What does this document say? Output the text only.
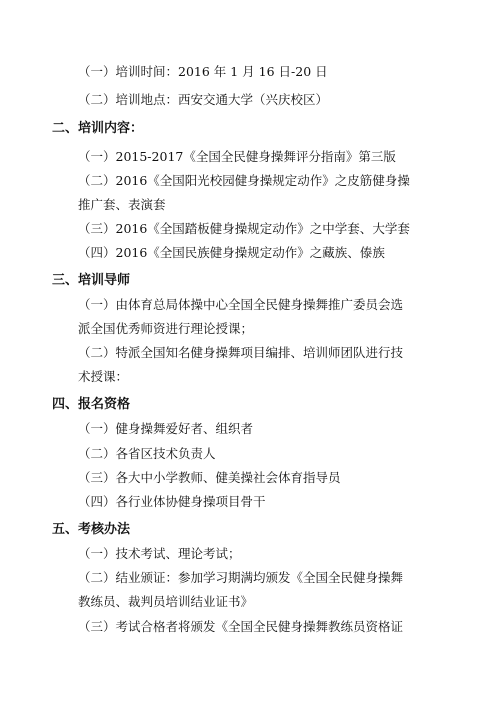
（一）培训时间：2016 年 1 月 16 日-20 日
（二）培训地点：西安交通大学（兴庆校区）
二、培训内容：
（一）2015-2017《全国全民健身操舞评分指南》第三版
（二）2016《全国阳光校园健身操规定动作》之皮筋健身操
推广套、表演套
（三）2016《全国踏板健身操规定动作》之中学套、大学套
（四）2016《全国民族健身操规定动作》之藏族、傣族
三、培训导师
（一）由体育总局体操中心全国全民健身操舞推广委员会选
派全国优秀师资进行理论授课；
（二）特派全国知名健身操舞项目编排、培训师团队进行技
术授课：
四、报名资格
（一）健身操舞爱好者、组织者
（二）各省区技术负责人
（三）各大中小学教师、健美操社会体育指导员
（四）各行业体协健身操项目骨干
五、考核办法
（一）技术考试、理论考试；
（二）结业颁证：参加学习期满均颁发《全国全民健身操舞
教练员、裁判员培训结业证书》
（三）考试合格者将颁发《全国全民健身操舞教练员资格证
